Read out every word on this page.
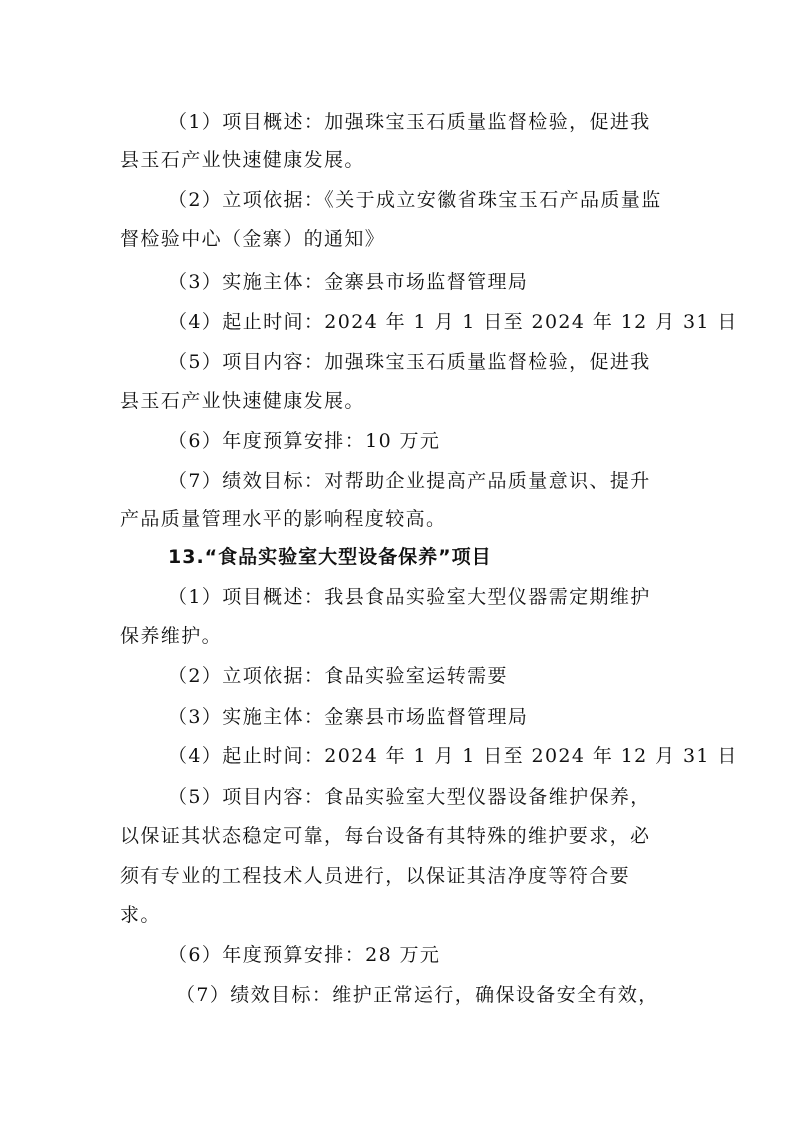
（1）项目概述：加强珠宝玉石质量监督检验，促进我
县玉石产业快速健康发展。
（2）立项依据：《关于成立安徽省珠宝玉石产品质量监
督检验中心（金寨）的通知》
（3）实施主体：金寨县市场监督管理局
（4）起止时间：2024 年 1 月 1 日至 2024 年 12 月 31 日
（5）项目内容：加强珠宝玉石质量监督检验，促进我
县玉石产业快速健康发展。
（6）年度预算安排：10 万元
（7）绩效目标：对帮助企业提高产品质量意识、提升
产品质量管理水平的影响程度较高。
13.“食品实验室大型设备保养”项目
（1）项目概述：我县食品实验室大型仪器需定期维护
保养维护。
（2）立项依据：食品实验室运转需要
（3）实施主体：金寨县市场监督管理局
（4）起止时间：2024 年 1 月 1 日至 2024 年 12 月 31 日
（5）项目内容：食品实验室大型仪器设备维护保养，
以保证其状态稳定可靠，每台设备有其特殊的维护要求，必
须有专业的工程技术人员进行，以保证其洁净度等符合要
求。
（6）年度预算安排：28 万元
（7）绩效目标：维护正常运行，确保设备安全有效，
